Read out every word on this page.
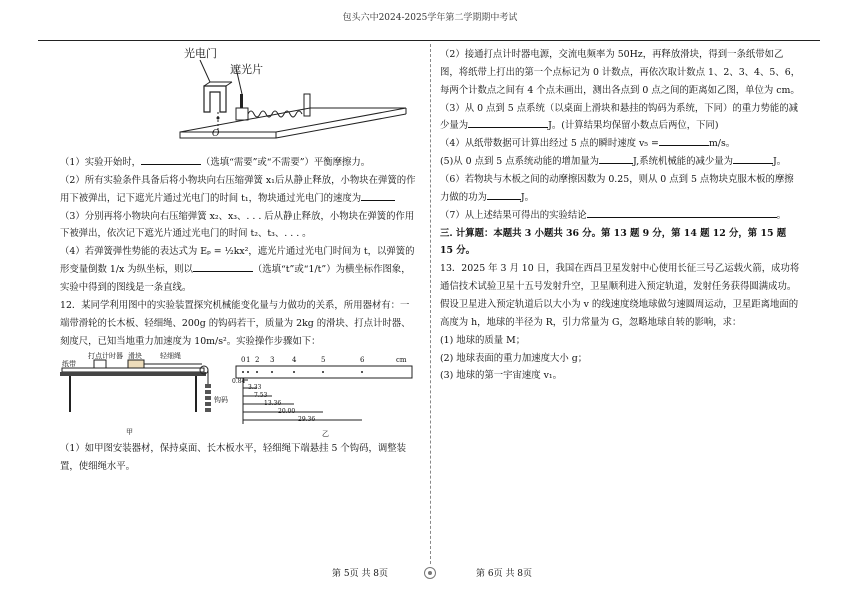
包头六中2024-2025学年第二学期期中考试
光电门
遮光片
O

（1）实验开始时，	（选填“需要”或“不需要”）平衡摩擦力。

（2）所有实验条件具备后将小物块向右压缩弹簧 x₁后从静止释放，小物块在弹簧的作用下被弹出，记下遮光片通过光电门的时间 t₁，物块通过光电门的速度为

（3）分别再将小物块向右压缩弹簧 x₂、x₃、. . . 后从静止释放，小物块在弹簧的作用下被弹出，依次记下遮光片通过光电门的时间 t₂、t₃、. . . 。

（4）若弹簧弹性势能的表达式为 Eₚ = ½kx²，遮光片通过光电门时间为 t，以弹簧的形变量倒数 1/x 为纵坐标，则以	（选填“t”或“1/t”）为横坐标作图象，实验中得到的图线是一条直线。

12．某同学利用图中的实验装置探究机械能变化量与力做功的关系，所用器材有：一端带滑轮的长木板、轻细绳、200g 的钩码若干，质量为 2kg 的滑块、打点计时器、刻度尺，已知当地重力加速度为 10m/s²。实验操作步骤如下：

打点计时器 滑块	轻细绳
纸带
钩码
甲	乙
cm
0 1 2 3	4	5	6
0.84
3.33
7.53
13.36
20.00
29.36

（1）如甲图安装器材，保持桌面、长木板水平，轻细绳下端悬挂 5 个钩码，调整装置，使细绳水平。

（2）接通打点计时器电源，交流电频率为 50Hz，再释放滑块，得到一条纸带如乙图，将纸带上打出的第一个点标记为 0 计数点，再依次取计数点 1、2、3、4、5、6，每两个计数点之间有 4 个点未画出，测出各点到 0 点之间的距离如乙图，单位为 cm。

（3）从 0 点到 5 点系统（以桌面上滑块和悬挂的钩码为系统，下同）的重力势能的减

少量为	J。(计算结果均保留小数点后两位，下同)

（4）从纸带数据可计算出经过 5 点的瞬时速度 v₅ =	m/s。

(5)从 0 点到 5 点系统动能的增加量为	J,系统机械能的减少量为	J。

（6）若物块与木板之间的动摩擦因数为 0.25，则从 0 点到 5 点物块克服木板的摩擦力做的功为	J。

（7）从上述结果可得出的实验结论	。

三. 计算题：本题共 3 小题共 36 分。第 13 题 9 分，第 14 题 12 分，第 15 题 15 分。

13．2025 年 3 月 10 日，我国在西昌卫星发射中心使用长征三号乙运载火箭，成功将通信技术试验卫星十五号发射升空，卫星顺利进入预定轨道，发射任务获得圆满成功。假设卫星进入预定轨道后以大小为 v 的线速度绕地球做匀速圆周运动，卫星距离地面的高度为 h，地球的半径为 R，引力常量为 G，忽略地球自转的影响，求：

(1) 地球的质量 M；

(2) 地球表面的重力加速度大小 g；

(3) 地球的第一宇宙速度 v₁。

第 5页 共 8页	第 6页 共 8页
